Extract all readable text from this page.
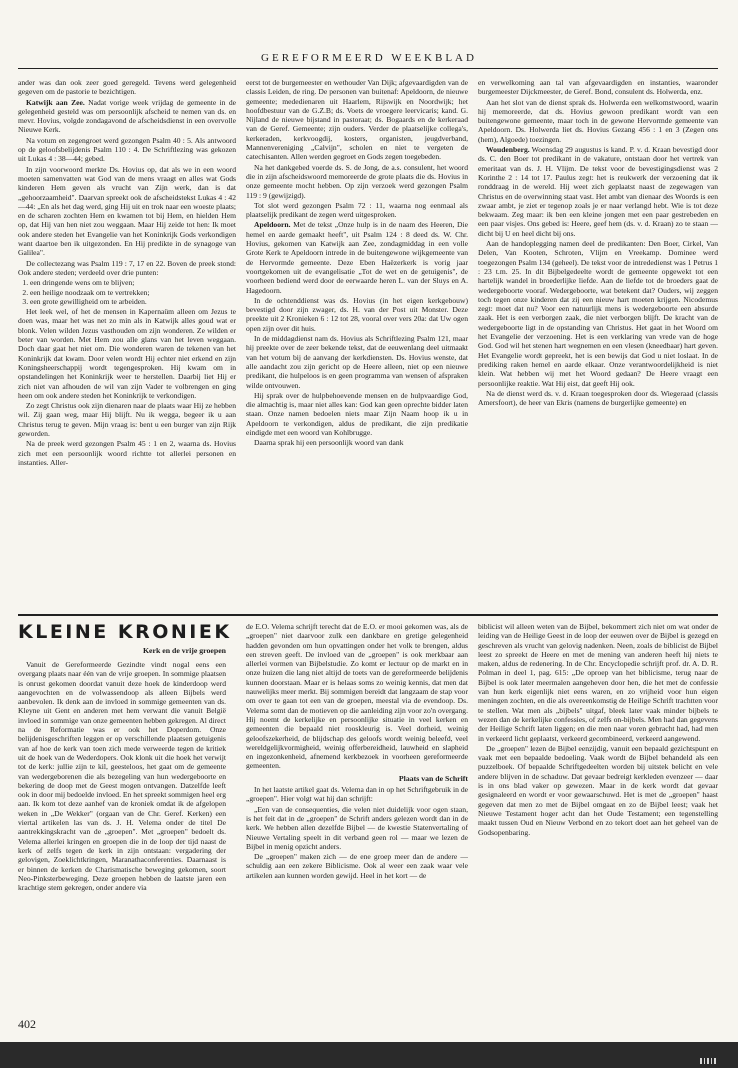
GEREFORMEERD WEEKBLAD

ander was dan ook zeer goed geregeld. Tevens werd gelegenheid gegeven om de pastorie te bezichtigen.

Katwijk aan Zee. Nadat vorige week vrijdag de gemeente in de gelegenheid gesteld was om persoonlijk afscheid te nemen van ds. en mevr. Hovius, volgde zondagavond de afscheidsdienst in een overvolle Nieuwe Kerk.

Na votum en zegengroet werd gezongen Psalm 40 : 5. Als antwoord op de geloofsbelijdenis Psalm 110 : 4. De Schriftlezing was gekozen uit Lukas 4 : 38—44; gebed.

In zijn voorwoord merkte Ds. Hovius op, dat als we in een woord moeten samenvatten wat God van de mens vraagt en alles wat Gods kinderen Hem geven als vrucht van Zijn werk, dan is dat „gehoorzaamheid". Daarvan spreekt ook de afscheidstekst Lukas 4 : 42—44: „En als het dag werd, ging Hij uit en trok naar een woeste plaats; en de scharen zochten Hem en kwamen tot bij Hem, en hielden Hem op, dat Hij van hen niet zou weggaan. Maar Hij zeide tot hen: Ik moet ook andere steden het Evangelie van het Koninkrijk Gods verkondigen want daartoe ben ik uitgezonden. En Hij predikte in de synagoge van Galilea".

De collectezang was Psalm 119 : 7, 17 en 22. Boven de preek stond: Ook andere steden; verdeeld over drie punten:

1. een dringende wens om te blijven;
2. een heilige noodzaak om te vertrekken;
3. een grote gewilligheid om te arbeiden.

Het leek wel, of het de mensen in Kapernaüm alleen om Jezus te doen was, maar het was net zo min als in Katwijk alles goud wat er blonk. Velen wilden Jezus vasthouden om zijn wonderen. Ze wilden er beter van worden. Met Hem zou alle glans van het leven weggaan. Doch daar gaat het niet om. Die wonderen waren de tekenen van het Koninkrijk dat kwam. Door velen wordt Hij echter niet erkend en zijn Koningsheerschappij wordt tegengesproken. Hij kwam om in opstandelingen het Koninkrijk weer te herstellen. Daarbij liet Hij er zich niet van afhouden de wil van zijn Vader te volbrengen en ging heen om ook andere steden het Koninkrijk te verkondigen.

Zo zegt Christus ook zijn dienaren naar de plaats waar Hij ze hebben wil. Zij gaan weg, maar Hij blijft. Nu ik wegga, begeer ik u aan Christus terug te geven. Mijn vraag is: bent u een burger van zijn Rijk geworden.

Na de preek werd gezongen Psalm 45 : 1 en 2, waarna ds. Hovius zich met een persoonlijk woord richtte tot allerlei personen en instanties. Aller-

eerst tot de burgemeester en wethouder Van Dijk; afgevaardigden van de classis Leiden, de ring. De personen van buitenaf: Apeldoorn, de nieuwe gemeente; mededienaren uit Haarlem, Rijswijk en Noordwijk; het hoofdbestuur van de G.Z.B; ds. Voets de vroegere leervicaris; kand. G. Nijland de nieuwe bijstand in pastoraat; ds. Bogaards en de kerkeraad van de Geref. Gemeente; zijn ouders. Verder de plaatselijke collega's, kerkeraden, kerkvoogdij, kosters, organisten, jeugdverband, Mannenvereniging „Calvijn", scholen en niet te vergeten de catechisanten. Allen werden gegroet en Gods zegen toegebeden.

Na het dankgebed voerde ds. S. de Jong, de a.s. consulent, het woord die in zijn afscheidswoord memoreerde de grote plaats die ds. Hovius in onze gemeente mocht hebben. Op zijn verzoek werd gezongen Psalm 119 : 9 (gewijzigd).

Tot slot werd gezongen Psalm 72 : 11, waarna nog eenmaal als plaatselijk predikant de zegen werd uitgesproken.

Apeldoorn. Met de tekst „Onze hulp is in de naam des Heeren, Die hemel en aarde gemaakt heeft", uit Psalm 124 : 8 deed ds. W. Chr. Hovius, gekomen van Katwijk aan Zee, zondagmiddag in een volle Grote Kerk te Apeldoorn intrede in de buitengewone wijkgemeente van de Hervormde gemeente. Deze Eben Haëzerkerk is vorig jaar voortgekomen uit de evangelisatie „Tot de wet en de getuigenis", de voorheen bediend werd door de eerwaarde heren L. van der Sluys en A. Hagedoorn.

In de ochtenddienst was ds. Hovius (in het eigen kerkgebouw) bevestigd door zijn zwager, ds. H. van der Post uit Monster. Deze preekte uit 2 Kronieken 6 : 12 tot 28, vooral over vers 20a: dat Uw ogen open zijn over dit huis.

In de middagdienst nam ds. Hovius als Schriftlezing Psalm 121, maar hij preekte over de zeer bekende tekst, dat de eeuwenlang deel uitmaakt van het votum bij de aanvang der kerkdiensten. Ds. Hovius wenste, dat alle aandacht zou zijn gericht op de Heere alleen, niet op een nieuwe predikant, die hulpeloos is en geen programma van wensen of afspraken wilde ontvouwen.

Hij sprak over de hulpbehoevende mensen en de hulpvaardige God, die almachtig is, maar niet alles kan: God kan geen oprechte bidder laten staan. Onze namen bedoelen niets maar Zijn Naam hoop ik u in Apeldoorn te verkondigen, aldus de predikant, die zijn predikatie eindigde met een woord van Kohlbrugge.

Daarna sprak hij een persoonlijk woord van dank

en verwelkoming aan tal van afgevaardigden en instanties, waaronder burgemeester Dijckmeester, de Geref. Bond, consulent ds. Holwerda, enz.

Aan het slot van de dienst sprak ds. Holwerda een welkomstwoord, waarin hij memoreerde, dat ds. Hovius gewoon predikant wordt van een buitengewone gemeente, maar toch in de gewone Hervormde gemeente van Apeldoorn. Ds. Holwerda liet ds. Hovius Gezang 456 : 1 en 3 (Zegen ons (hem), Algoede) toezingen.

Woudenberg. Woensdag 29 augustus is kand. P. v. d. Kraan bevestigd door ds. C. den Boer tot predikant in de vakature, ontstaan door het vertrek van emeritaat van ds. J. H. Vlijm. De tekst voor de bevestigingsdienst was 2 Korinthe 2 : 14 tot 17. Paulus zegt: het is reukwerk der verzoening dat ik ronddraag in de wereld. Hij weet zich geplaatst naast de zegewagen van Christus en de overwinning staat vast. Het ambt van dienaar des Woords is een zwaar ambt, je ziet er tegenop zoals je er naar verlangd hebt. Wie is tot deze bekwaam. Zeg maar: ik ben een kleine jongen met een paar gestrebeden en een paar visjes. Ons gebed is: Heere, geef hem (ds. v. d. Kraan) zo te staan — dicht bij U en heel dicht bij ons.

Aan de handoplegging namen deel de predikanten: Den Boer, Cirkel, Van Delen, Van Kooten, Schroten, Vlijm en Vreekamp. Dominee werd toegezongen Psalm 134 (geheel). De tekst voor de intrededienst was 1 Petrus 1 : 23 t.m. 25. In dit Bijbelgedeelte wordt de gemeente opgewekt tot een hartelijk wandel in broederlijke liefde. Aan de liefde tot de broeders gaat de wedergeboorte vooraf. Wedergeboorte, wat betekent dat? Ouders, wij zeggen toch tegen onze kinderen dat zij een nieuw hart moeten krijgen. Nicodemus zegt: moet dat nu? Voor een natuurlijk mens is wedergeboorte een absurde zaak. Het is een verborgen zaak, die niet verborgen blijft. De kracht van de wedergeboorte ligt in de opstanding van Christus. Het gaat in het Woord om het Evangelie der verzoening. Het is een verklaring van vrede van de hoge God. God wil het stenen hart wegnemen en een vlesen (kneedbaar) hart geven. Het Evangelie wordt gepreekt, het is een bewijs dat God u niet loslaat. In de prediking raken hemel en aarde elkaar. Onze verantwoordelijkheid is niet klein. Wat hebben wij met het Woord gedaan? De Heere vraagt een persoonlijke reaktie. Wat Hij eist, dat geeft Hij ook.

Na de dienst werd ds. v. d. Kraan toegesproken door ds. Wiegeraad (classis Amersfoort), de heer van Ekris (namens de burgerlijke gemeente) en

KLEINE KRONIEK
Kerk en de vrije groepen

Vanuit de Gereformeerde Gezindte vindt nogal eens een overgang plaats naar één van de vrije groepen. In sommige plaatsen is onrust gekomen doordat vanuit deze hoek de kinderdoop werd aangevochten en de volwassendoop als alleen Bijbels werd aanbevolen. Ik denk aan de invloed in sommige gemeenten van ds. Kleyne uit Gent en anderen met hem verwant die vanuit België invloed in sommige van onze gemeenten hebben gekregen. Al direct na de Reformatie was er ook het Doperdom. Onze belijdenisgeschriften leggen er op verschillende plaatsen getuigenis van af hoe de kerk van toen zich mede verweerde tegen de kritiek uit de hoek van de Wederdopers. Ook klonk uit die hoek het verwijt tot de kerk: jullie zijn te kil, geesteloos, het gaat om de gemeente van wedergeborenen die als bezegeling van hun wedergeboorte en bekering de doop met de Geest mogen ontvangen. Datzelfde leeft ook in door mij bedoelde invloed. En het spreekt sommigen heel erg aan. Ik kom tot deze aanhef van de kroniek omdat ik de afgelopen weken in „De Wekker" (orgaan van de Chr. Geref. Kerken) een viertal artikelen las van ds. J. H. Velema onder de titel De aantrekkingskracht van de „groepen". Met „groepen" bedoelt ds. Velema allerlei kringen en groepen die in de loop der tijd naast de kerk of zelfs tegen de kerk in zijn ontstaan: vergadering der gelovigen, Zoeklichtkringen, Maranathaconferenties. Daarnaast is er binnen de kerken de Charismatische beweging gekomen, soort Neo-Pinksterbeweging. Deze groepen hebben de laatste jaren een krachtige stem gekregen, onder andere via

de E.O. Velema schrijft terecht dat de E.O. er mooi gekomen was, als de „groepen" niet daarvoor zulk een dankbare en gretige gelegenheid hadden gevonden om hun opvattingen onder het volk te brengen, aldus een streven geeft. De invloed van de „groepen" is ook merkbaar aan allerlei vormen van Bijbelstudie. Zo komt er lectuur op de markt en in onze huizen die lang niet altijd de toets van de gereformeerde belijdenis kunnen doorstaan. Maar er is helaas soms zo weinig kennis, dat men dat nauwelijks meer merkt. Bij sommigen bereidt dat langzaam de stap voor om over te gaan tot een van de groepen, meestal via de evendoop. Ds. Velema somt dan de motieven op die aanleiding zijn voor zo'n overgang. Hij noemt de kerkelijke en persoonlijke situatie in veel kerken en gemeenten die bepaald niet rooskleurig is. Veel dorheid, weinig geloofszekerheid, de blijdschap des geloofs wordt weinig beleefd, veel wereldgelijkvormigheid, weinig offerbereidheid, lauwheid en slapheid en ingezonkenheid, afnemend kerkbezoek in voorheen gereformeerde gemeenten.

Plaats van de Schrift

In het laatste artikel gaat ds. Velema dan in op het Schriftgebruik in de „groepen". Hier volgt wat hij dan schrijft:

„Een van de consequenties, die velen niet duidelijk voor ogen staan, is het feit dat in de „groepen" de Schrift anders gelezen wordt dan in de kerk. We hebben allen dezelfde Bijbel — de kwestie Statenvertaling of Nieuwe Vertaling speelt in dit verband geen rol — maar we lezen de Bijbel in menig opzicht anders.

De „groepen" maken zich — de ene groep meer dan de andere — schuldig aan een zekere Biblicisme. Ook al weer een zaak waar vele artikelen aan kunnen worden gewijd. Heel in het kort — de

biblicist wil alleen weten van de Bijbel, bekommert zich niet om wat onder de leiding van de Heilige Geest in de loop der eeuwen over de Bijbel is gezegd en geschreven als vrucht van gelovig nadenken. Neen, zoals de biblicist de Bijbel leest zo spreekt de Heere en met de mening van anderen heeft hij niets te maken, aldus de redenering. In de Chr. Encyclopedie schrijft prof. dr. A. D. R. Polman in deel 1, pag. 615: „De oproep van het biblicisme, terug naar de Bijbel is ook later meermalen aangeheven door hen, die het met de confessie van hun kerk eigenlijk niet eens waren, en zo vrijheid voor hun eigen meningen zochten, en die als overeenkomstig de Heilige Schrift trachtten voor te stellen. Wat men als „bijbels" uitgaf, bleek later vaak minder bijbels te wezen dan de kerkelijke confessies, of zelfs on-bijbels. Men had dan gegevens der Heilige Schrift laten liggen; en die men naar voren gebracht had, had men in verkeerd licht geplaatst, verkeerd gecombineerd, verkeerd aangewend.

De „groepen" lezen de Bijbel eenzijdig, vanuit een bepaald gezichtspunt en vaak met een bepaalde bedoeling. Vaak wordt de Bijbel behandeld als een puzzelboek. Of bepaalde Schriftgedeelten worden bij uitstek belicht en vele andere blijven in de schaduw. Dat gevaar bedreigt kerkleden evenzeer — daar is in ons blad vaker op gewezen. Maar in de kerk wordt dat gevaar gesignaleerd en wordt er voor gewaarschuwd. Het is met de „groepen" haast gegeven dat men zo met de Bijbel omgaat en zo de Bijbel leest; vaak het Nieuwe Testament hoger acht dan het Oude Testament; een tegenstelling maakt tussen Oud en Nieuw Verbond en zo tekort doet aan het geheel van de Godsopenbaring.

402
